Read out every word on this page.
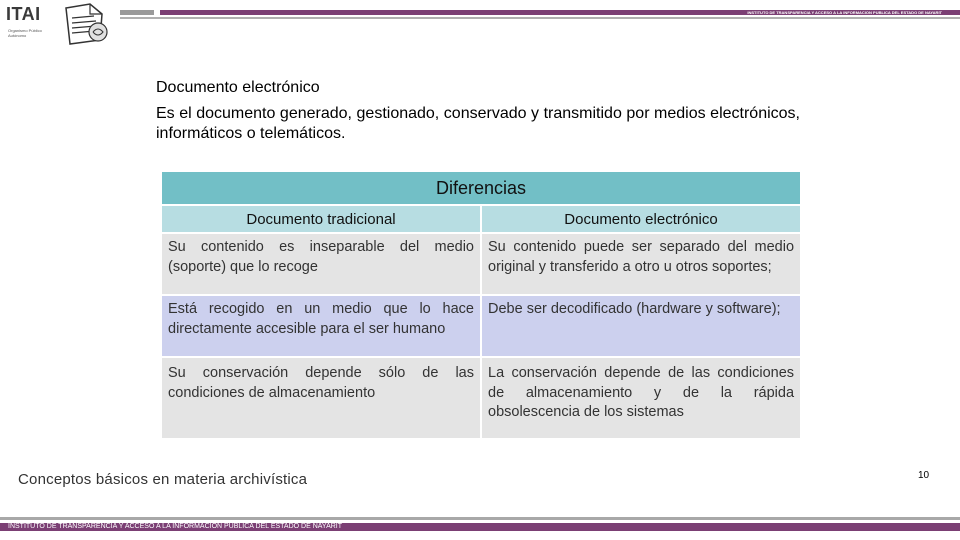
ITAI
Organismo Público Autónomo
INSTITUTO DE TRANSPARENCIA Y ACCESO A LA INFORMACION PUBLICA DEL ESTADO DE NAYARIT
Documento electrónico
Es el documento generado, gestionado, conservado y transmitido por medios electrónicos, informáticos o telemáticos.
Diferencias	
Documento tradicional	Documento electrónico

Su contenido es inseparable del medio (soporte) que lo recoge	Su contenido puede ser separado del medio original y transferido a otro u otros soportes;

Está recogido en un medio que lo hace directamente accesible para el ser humano	Debe ser decodificado (hardware y software);

Su conservación depende sólo de las condiciones de almacenamiento	La conservación depende de las condiciones de almacenamiento y de la rápida obsolescencia de los sistemas
Conceptos básicos en materia archivística	10
INSTITUTO DE TRANSPARENCIA Y ACCESO A LA INFORMACION PUBLICA DEL ESTADO DE NAYARIT
